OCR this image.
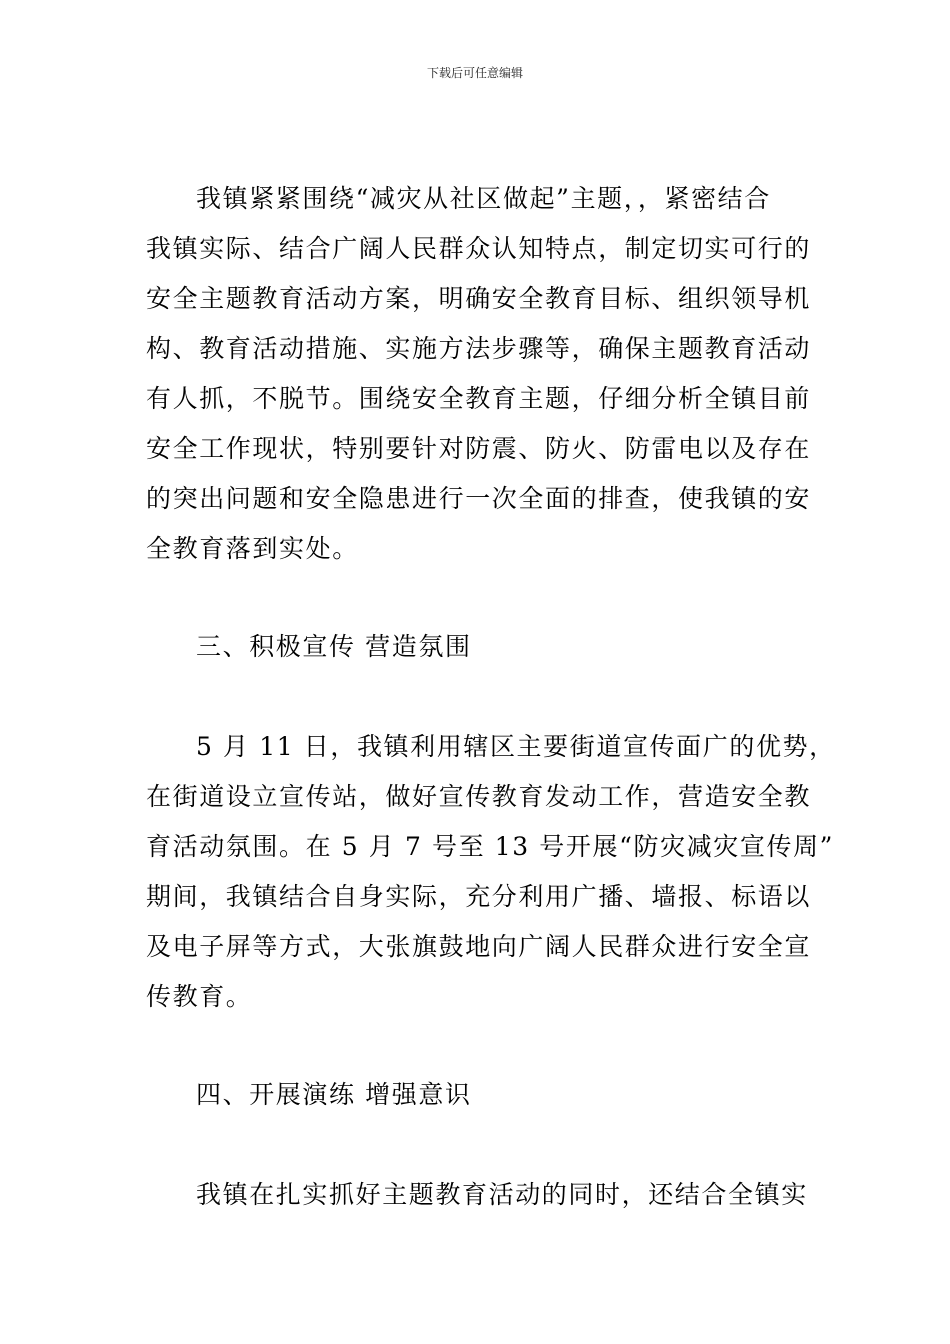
下载后可任意编辑
我镇紧紧围绕“减灾从社区做起”主题，，紧密结合
我镇实际、结合广阔人民群众认知特点，制定切实可行的
安全主题教育活动方案，明确安全教育目标、组织领导机
构、教育活动措施、实施方法步骤等，确保主题教育活动
有人抓，不脱节。围绕安全教育主题，仔细分析全镇目前
安全工作现状，特别要针对防震、防火、防雷电以及存在
的突出问题和安全隐患进行一次全面的排查，使我镇的安
全教育落到实处。
三、积极宣传 营造氛围
5 月 11 日，我镇利用辖区主要街道宣传面广的优势，
在街道设立宣传站，做好宣传教育发动工作，营造安全教
育活动氛围。在 5 月 7 号至 13 号开展“防灾减灾宣传周”
期间，我镇结合自身实际，充分利用广播、墙报、标语以
及电子屏等方式，大张旗鼓地向广阔人民群众进行安全宣
传教育。
四、开展演练 增强意识
我镇在扎实抓好主题教育活动的同时，还结合全镇实
